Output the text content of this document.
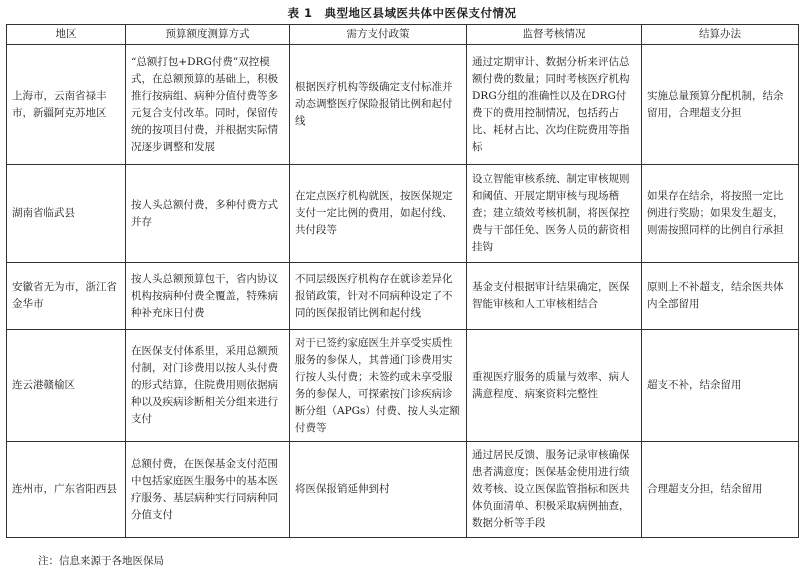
表 1 典型地区县域医共体中医保支付情况
地区	预算额度测算方式	需方支付政策	监督考核情况	结算办法
上海市，云南省禄丰市，新疆阿克苏地区	“总额打包+DRG付费”双控模式，在总额预算的基础上，积极推行按病组、病种分值付费等多元复合支付改革。同时，保留传统的按项目付费，并根据实际情况逐步调整和发展	根据医疗机构等级确定支付标准并动态调整医疗保险报销比例和起付线	通过定期审计、数据分析来评估总额付费的数量；同时考核医疗机构DRG分组的准确性以及在DRG付费下的费用控制情况，包括药占比、耗材占比、次均住院费用等指标	实施总量预算分配机制，结余留用，合理超支分担
湖南省临武县	按人头总额付费，多种付费方式并存	在定点医疗机构就医，按医保规定支付一定比例的费用，如起付线、共付段等	设立智能审核系统、制定审核规则和阈值、开展定期审核与现场稽查；建立绩效考核机制，将医保控费与干部任免、医务人员的薪资相挂钩	如果存在结余，将按照一定比例进行奖励；如果发生超支，则需按照同样的比例自行承担
安徽省无为市，浙江省金华市	按人头总额预算包干，省内协议机构按病种付费全覆盖，特殊病种补充床日付费	不同层级医疗机构存在就诊差异化报销政策，针对不同病种设定了不同的医保报销比例和起付线	基金支付根据审计结果确定，医保智能审核和人工审核相结合	原则上不补超支，结余医共体内全部留用
连云港赣榆区	在医保支付体系里，采用总额预付制，对门诊费用以按人头付费的形式结算，住院费用则依据病种以及疾病诊断相关分组来进行支付	对于已签约家庭医生并享受实质性服务的参保人，其普通门诊费用实行按人头付费；未签约或未享受服务的参保人，可探索按门诊疾病诊断分组（APGs）付费、按人头定额付费等	重视医疗服务的质量与效率、病人满意程度、病案资料完整性	超支不补，结余留用
连州市，广东省阳西县	总额付费，在医保基金支付范围中包括家庭医生服务中的基本医疗服务、基层病种实行同病种同分值支付	将医保报销延伸到村	通过居民反馈、服务记录审核确保患者满意度；医保基金使用进行绩效考核、设立医保监管指标和医共体负面清单、积极采取病例抽查，数据分析等手段	合理超支分担，结余留用
注：信息来源于各地医保局
